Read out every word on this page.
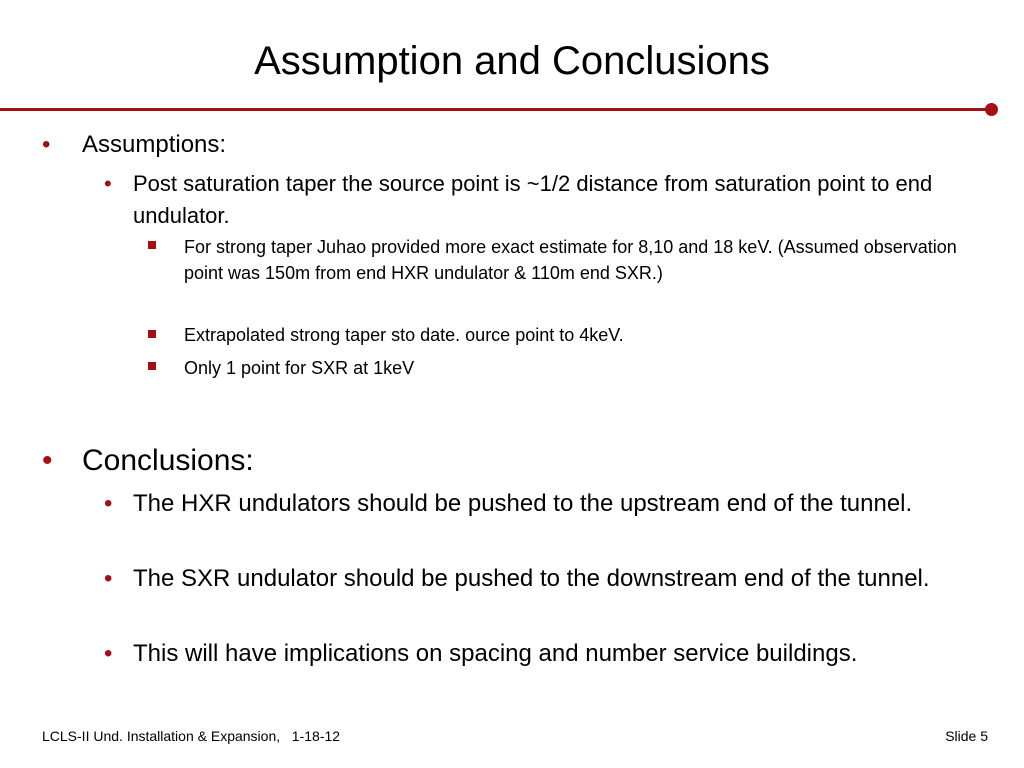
Assumption and Conclusions
• Assumptions:
• Post saturation taper the source point is ~1/2 distance from saturation point to end undulator.
For strong taper Juhao provided more exact estimate for 8,10 and 18 keV. (Assumed observation point was 150m from end HXR undulator & 110m end SXR.)
Extrapolated strong taper sto date. ource point to 4keV.
Only 1 point for SXR at 1keV
• Conclusions:
• The HXR undulators should be pushed to the upstream end of the tunnel.
• The SXR undulator should be pushed to the downstream end of the tunnel.
• This will have implications on spacing and number service buildings.
LCLS-II Und. Installation & Expansion,   1-18-12	Slide 5
